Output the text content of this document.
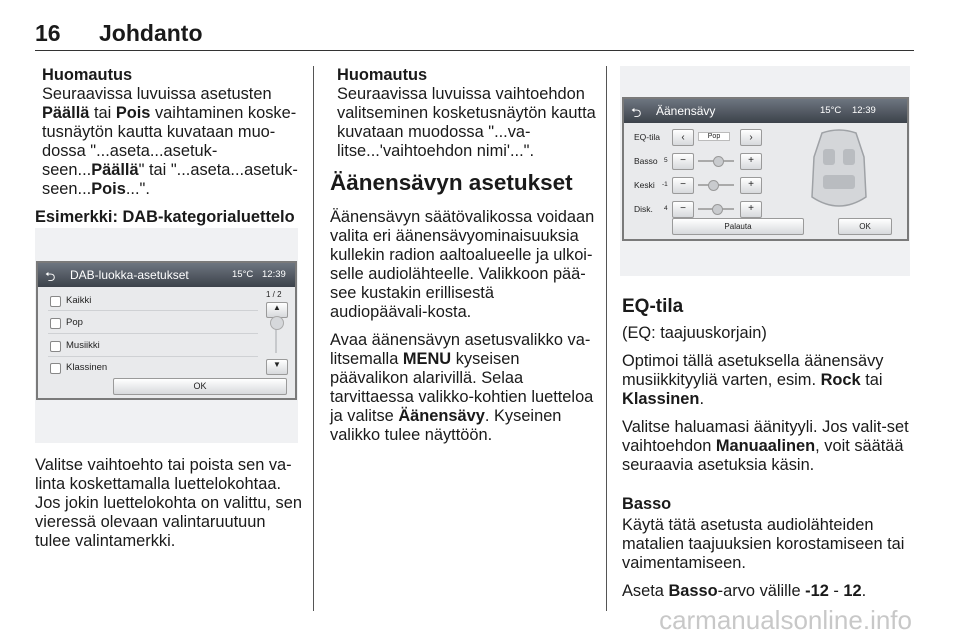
16 Johdanto

Huomautus

Seuraavissa luvuissa asetusten

Päällä tai Pois vaihtaminen koske-

tusnäytön kautta kuvataan muo-

dossa "...aseta...asetuk-

seen...Päällä" tai "...aseta...asetuk-

seen...Pois...".

Esimerkki: DAB-kategorialuettelo

⮌ DAB-luokka-asetukset	15°C 12:39
Kaikki
Pop
Musiikki
Klassinen
1 / 2
▲
▼
OK

Valitse vaihtoehto tai poista sen va-linta koskettamalla luettelokohtaa. Jos jokin luettelokohta on valittu, sen vieressä olevaan valintaruutuun tulee valintamerkki.

Huomautus

Seuraavissa luvuissa vaihtoehdon valitseminen kosketusnäytön kautta kuvataan muodossa "...va-litse...'vaihtoehdon nimi'...".

Äänensävyn asetukset

Äänensävyn säätövalikossa voidaan valita eri äänensävyominaisuuksia kullekin radion aaltoalueelle ja ulkoi-selle audiolähteelle. Valikkoon pää-see kustakin erillisestä audiopäävali-kosta.

Avaa äänensävyn asetusvalikko va-litsemalla MENU kyseisen päävalikon alarivillä. Selaa tarvittaessa valikko-kohtien luetteloa ja valitse Äänensävy. Kyseinen valikko tulee näyttöön.

⮌ Äänensävy	15°C 12:39
EQ-tila	‹	Pop	›
Basso 5	−	+
Keski -1	−	+
Disk. 4	−	+
Palauta	OK
EQ-tila

(EQ: taajuuskorjain)

Optimoi tällä asetuksella äänensävy musiikkityyliä varten, esim. Rock tai Klassinen.

Valitse haluamasi äänityyli. Jos valit-set vaihtoehdon Manuaalinen, voit säätää seuraavia asetuksia käsin.

Basso

Käytä tätä asetusta audiolähteiden matalien taajuuksien korostamiseen tai vaimentamiseen.

Aseta Basso-arvo välille -12 - 12.

carmanualsonline.info
